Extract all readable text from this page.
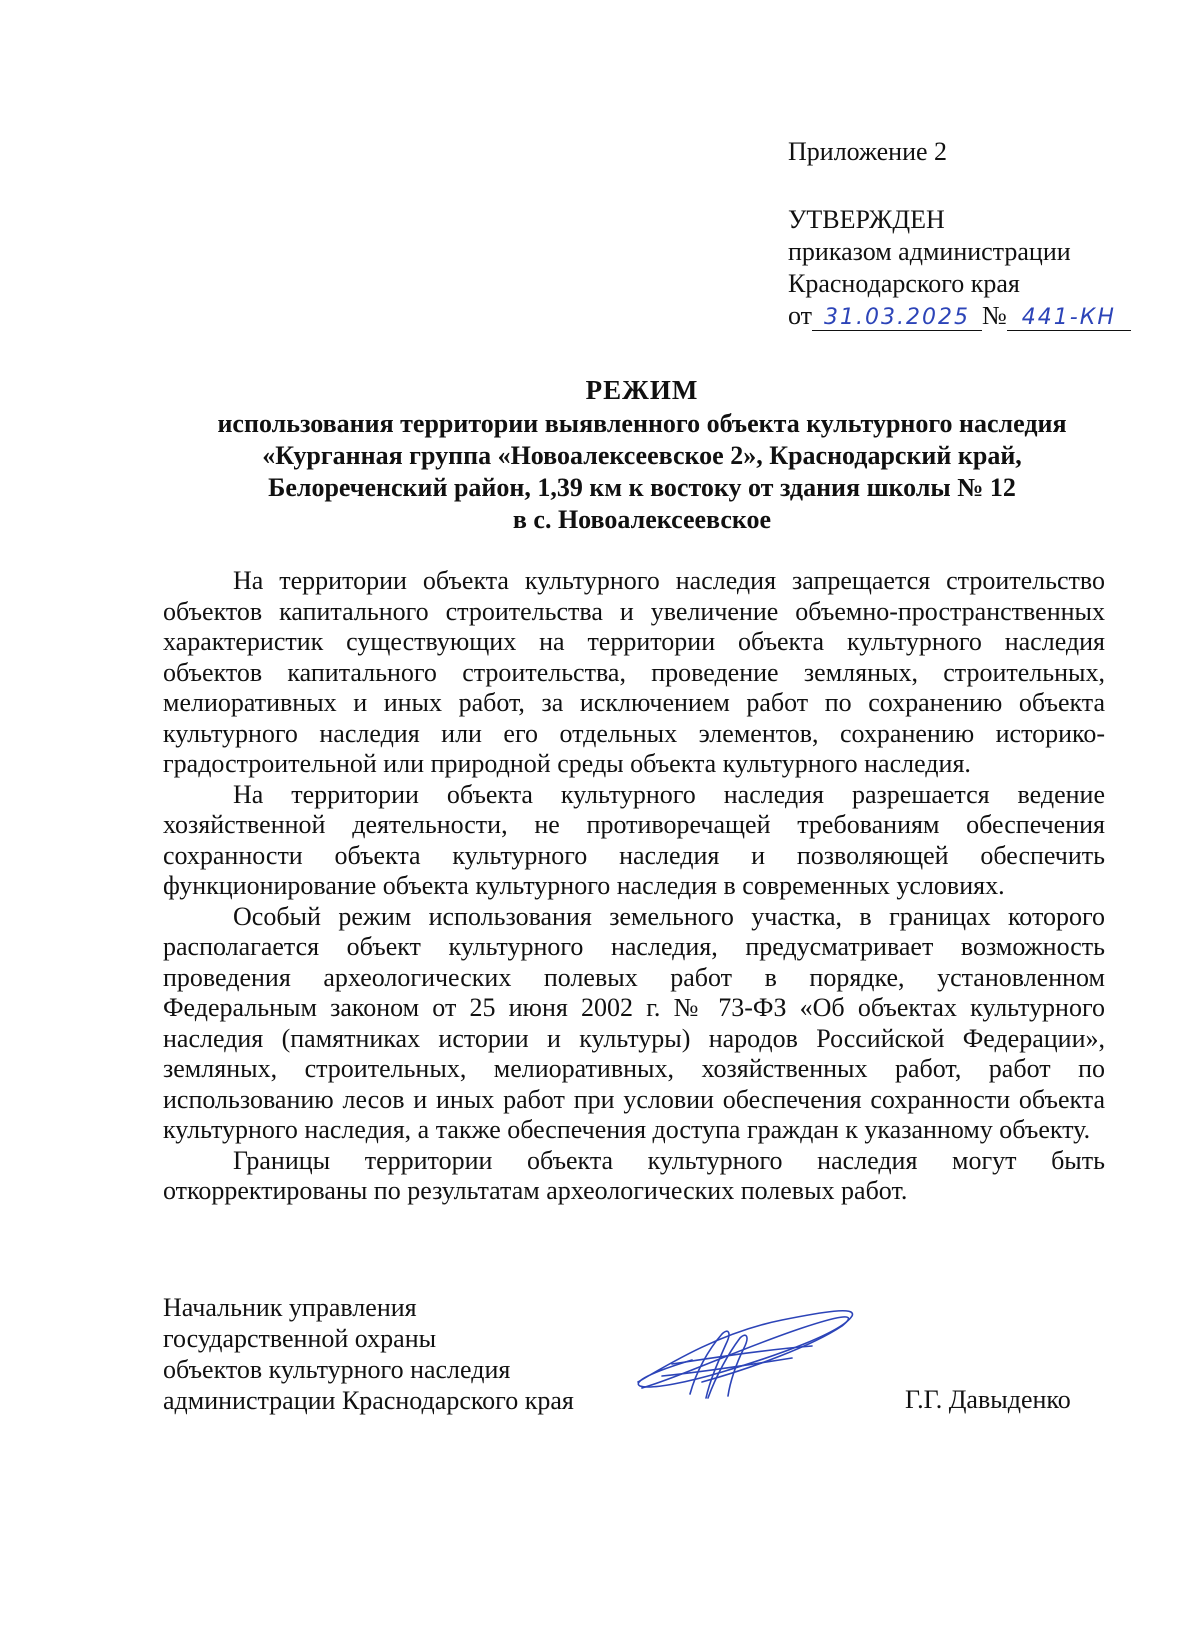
Приложение 2
УТВЕРЖДЕН
приказом администрации
Краснодарского края
от 31.03.2025 № 441-КН
РЕЖИМ
использования территории выявленного объекта культурного наследия
«Курганная группа «Новоалексеевское 2», Краснодарский край,
Белореченский район, 1,39 км к востоку от здания школы № 12
в с. Новоалексеевское

На территории объекта культурного наследия запрещается строительство объектов капитального строительства и увеличение объемно-пространственных характеристик существующих на территории объекта культурного наследия объектов капитального строительства, проведение земляных, строительных, мелиоративных и иных работ, за исключением работ по сохранению объекта культурного наследия или его отдельных элементов, сохранению историко-градостроительной или природной среды объекта культурного наследия.

На территории объекта культурного наследия разрешается ведение хозяйственной деятельности, не противоречащей требованиям обеспечения сохранности объекта культурного наследия и позволяющей обеспечить функционирование объекта культурного наследия в современных условиях.

Особый режим использования земельного участка, в границах которого располагается объект культурного наследия, предусматривает возможность проведения археологических полевых работ в порядке, установленном Федеральным законом от 25 июня 2002 г. № 73-ФЗ «Об объектах культурного наследия (памятниках истории и культуры) народов Российской Федерации», земляных, строительных, мелиоративных, хозяйственных работ, работ по использованию лесов и иных работ при условии обеспечения сохранности объекта культурного наследия, а также обеспечения доступа граждан к указанному объекту.

Границы территории объекта культурного наследия могут быть откорректированы по результатам археологических полевых работ.

Начальник управления
государственной охраны
объектов культурного наследия
администрации Краснодарского края	Г.Г. Давыденко
